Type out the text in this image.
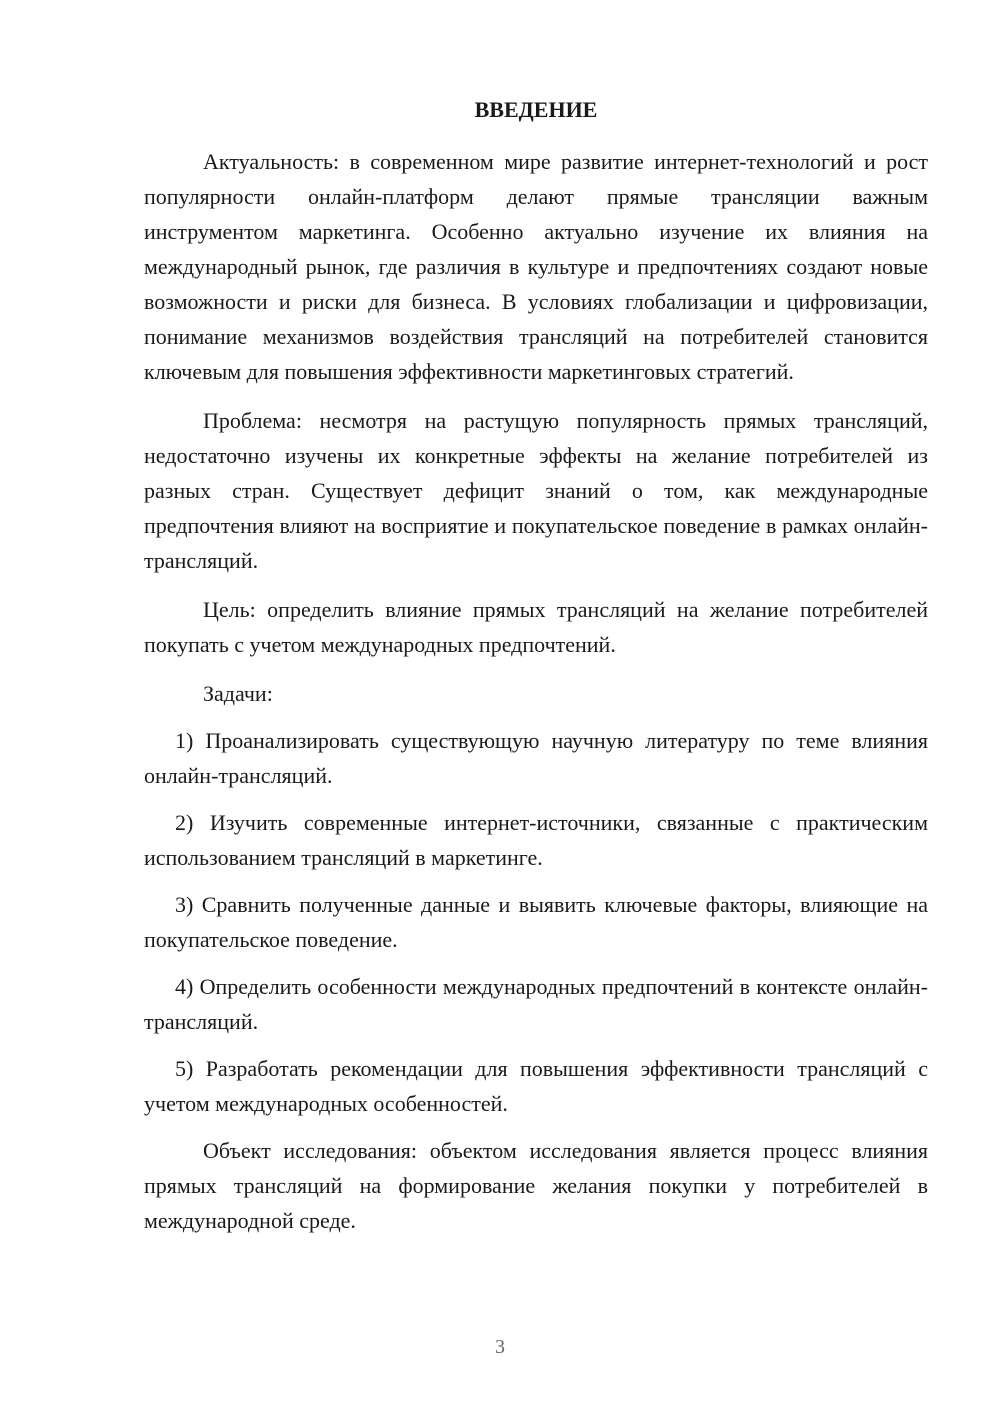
ВВЕДЕНИЕ

Актуальность: в современном мире развитие интернет-технологий и рост популярности онлайн-платформ делают прямые трансляции важным инструментом маркетинга. Особенно актуально изучение их влияния на международный рынок, где различия в культуре и предпочтениях создают новые возможности и риски для бизнеса. В условиях глобализации и цифровизации, понимание механизмов воздействия трансляций на потребителей становится ключевым для повышения эффективности маркетинговых стратегий.

Проблема: несмотря на растущую популярность прямых трансляций, недостаточно изучены их конкретные эффекты на желание потребителей из разных стран. Существует дефицит знаний о том, как международные предпочтения влияют на восприятие и покупательское поведение в рамках онлайн-трансляций.

Цель: определить влияние прямых трансляций на желание потребителей покупать с учетом международных предпочтений.

Задачи:

1) Проанализировать существующую научную литературу по теме влияния онлайн-трансляций.

2) Изучить современные интернет-источники, связанные с практическим использованием трансляций в маркетинге.

3) Сравнить полученные данные и выявить ключевые факторы, влияющие на покупательское поведение.

4) Определить особенности международных предпочтений в контексте онлайн-трансляций.

5) Разработать рекомендации для повышения эффективности трансляций с учетом международных особенностей.

Объект исследования: объектом исследования является процесс влияния прямых трансляций на формирование желания покупки у потребителей в международной среде.

3
